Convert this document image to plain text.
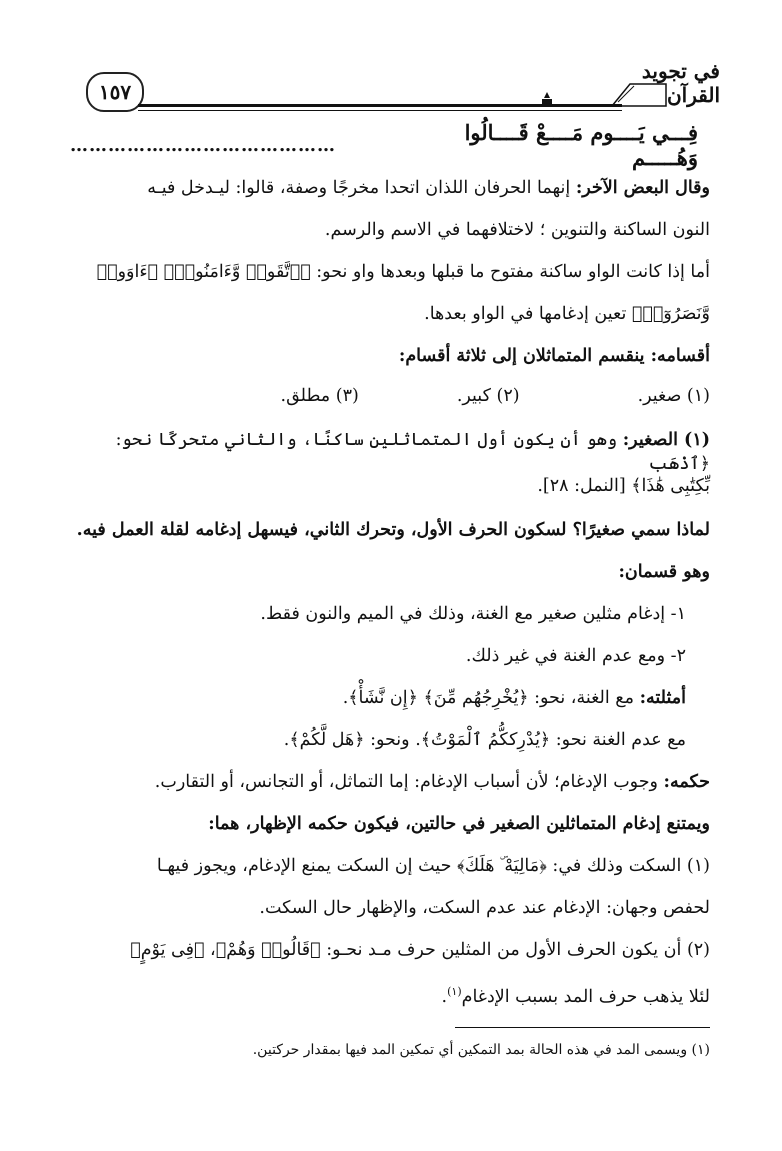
١٥٧
في تجويد القرآن
فِـــي يَــــوم مَــــعْ قَــــالُوا وَهُـــــم
……………
………………………
وقال البعض الآخر: إنهما الحرفان اللذان اتحدا مخرجًا وصفة، قالوا: ليـدخل فيـه
النون الساكنة والتنوين ؛ لاختلافهما في الاسم والرسم.
أما إذا كانت الواو ساكنة مفتوح ما قبلها وبعدها واو نحو: ﴿ٱتَّقَوا۟ وَّءَامَنُوا۟﴾ ﴿ءَاوَوا۟
وَّنَصَرُوٓا۟﴾ تعين إدغامها في الواو بعدها.
أقسامه: ينقسم المتماثلان إلى ثلاثة أقسام:
(١) صغير.
(٢) كبير.
(٣) مطلق.
(١) الصغير: وهو أن يكون أول المتماثلين ساكنًا، والثاني متحركًا نحو: ﴿ٱذْهَب
بِّكِتَٰبِى هَٰذَا﴾ [النمل: ٢٨].
لماذا سمي صغيرًا؟ لسكون الحرف الأول، وتحرك الثاني، فيسهل إدغامه لقلة العمل فيه.
وهو قسمان:
١- إدغام مثلين صغير مع الغنة، وذلك في الميم والنون فقط.
٢- ومع عدم الغنة في غير ذلك.
أمثلته: مع الغنة، نحو: ﴿يُخْرِجُهُم مِّنَ﴾ ﴿إِن نَّشَأْ﴾.
مع عدم الغنة نحو: ﴿يُدْرِككُّمُ ٱلْمَوْتُ﴾. ونحو: ﴿هَل لَّكُمْ﴾.
حكمه: وجوب الإدغام؛ لأن أسباب الإدغام: إما التماثل، أو التجانس، أو التقارب.
ويمتنع إدغام المتماثلين الصغير في حالتين، فيكون حكمه الإظهار، هما:
(١) السكت وذلك في: ﴿مَالِيَهْ ۜ هَلَكَ﴾ حيث إن السكت يمنع الإدغام، ويجوز فيهـا
لحفص وجهان: الإدغام عند عدم السكت، والإظهار حال السكت.
(٢) أن يكون الحرف الأول من المثلين حرف مـد نحـو: ﴿قَالُوا۟ وَهُمْ﴾، ﴿فِى يَوْمٍ﴾
لئلا يذهب حرف المد بسبب الإدغام$^{(١)}$.
(١) ويسمى المد في هذه الحالة بمد التمكين أي تمكين المد فيها بمقدار حركتين.
